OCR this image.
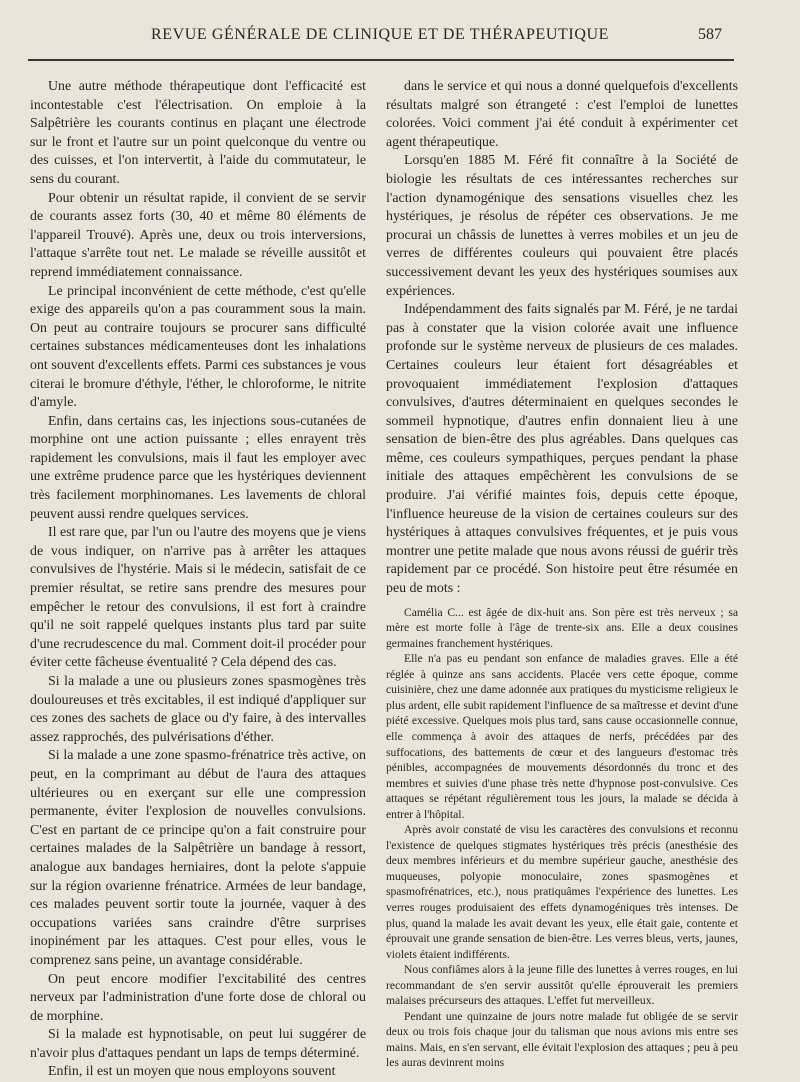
REVUE GÉNÉRALE DE CLINIQUE ET DE THÉRAPEUTIQUE	587

Une autre méthode thérapeutique dont l'efficacité est incontestable c'est l'électrisation. On emploie à la Salpêtrière les courants continus en plaçant une électrode sur le front et l'autre sur un point quelconque du ventre ou des cuisses, et l'on intervertit, à l'aide du commutateur, le sens du courant.

Pour obtenir un résultat rapide, il convient de se servir de courants assez forts (30, 40 et même 80 éléments de l'appareil Trouvé). Après une, deux ou trois interversions, l'attaque s'arrête tout net. Le malade se réveille aussitôt et reprend immédiatement connaissance.

Le principal inconvénient de cette méthode, c'est qu'elle exige des appareils qu'on a pas couramment sous la main. On peut au contraire toujours se procurer sans difficulté certaines substances médicamenteuses dont les inhalations ont souvent d'excellents effets. Parmi ces substances je vous citerai le bromure d'éthyle, l'éther, le chloroforme, le nitrite d'amyle.

Enfin, dans certains cas, les injections sous-cutanées de morphine ont une action puissante ; elles enrayent très rapidement les convulsions, mais il faut les employer avec une extrême prudence parce que les hystériques deviennent très facilement morphinomanes. Les lavements de chloral peuvent aussi rendre quelques services.

Il est rare que, par l'un ou l'autre des moyens que je viens de vous indiquer, on n'arrive pas à arrêter les attaques convulsives de l'hystérie. Mais si le médecin, satisfait de ce premier résultat, se retire sans prendre des mesures pour empêcher le retour des convulsions, il est fort à craindre qu'il ne soit rappelé quelques instants plus tard par suite d'une recrudescence du mal. Comment doit-il procéder pour éviter cette fâcheuse éventualité ? Cela dépend des cas.

Si la malade a une ou plusieurs zones spasmogènes très douloureuses et très excitables, il est indiqué d'appliquer sur ces zones des sachets de glace ou d'y faire, à des intervalles assez rapprochés, des pulvérisations d'éther.

Si la malade a une zone spasmo-frénatrice très active, on peut, en la comprimant au début de l'aura des attaques ultérieures ou en exerçant sur elle une compression permanente, éviter l'explosion de nouvelles convulsions. C'est en partant de ce principe qu'on a fait construire pour certaines malades de la Salpêtrière un bandage à ressort, analogue aux bandages herniaires, dont la pelote s'appuie sur la région ovarienne frénatrice. Armées de leur bandage, ces malades peuvent sortir toute la journée, vaquer à des occupations variées sans craindre d'être surprises inopinément par les attaques. C'est pour elles, vous le comprenez sans peine, un avantage considérable.

On peut encore modifier l'excitabilité des centres nerveux par l'administration d'une forte dose de chloral ou de morphine.

Si la malade est hypnotisable, on peut lui suggérer de n'avoir plus d'attaques pendant un laps de temps déterminé.

Enfin, il est un moyen que nous employons souvent

dans le service et qui nous a donné quelquefois d'excellents résultats malgré son étrangeté : c'est l'emploi de lunettes colorées. Voici comment j'ai été conduit à expérimenter cet agent thérapeutique.

Lorsqu'en 1885 M. Féré fit connaître à la Société de biologie les résultats de ces intéressantes recherches sur l'action dynamogénique des sensations visuelles chez les hystériques, je résolus de répéter ces observations. Je me procurai un châssis de lunettes à verres mobiles et un jeu de verres de différentes couleurs qui pouvaient être placés successivement devant les yeux des hystériques soumises aux expériences.

Indépendamment des faits signalés par M. Féré, je ne tardai pas à constater que la vision colorée avait une influence profonde sur le système nerveux de plusieurs de ces malades. Certaines couleurs leur étaient fort désagréables et provoquaient immédiatement l'explosion d'attaques convulsives, d'autres déterminaient en quelques secondes le sommeil hypnotique, d'autres enfin donnaient lieu à une sensation de bien-être des plus agréables. Dans quelques cas même, ces couleurs sympathiques, perçues pendant la phase initiale des attaques empêchèrent les convulsions de se produire. J'ai vérifié maintes fois, depuis cette époque, l'influence heureuse de la vision de certaines couleurs sur des hystériques à attaques convulsives fréquentes, et je puis vous montrer une petite malade que nous avons réussi de guérir très rapidement par ce procédé. Son histoire peut être résumée en peu de mots :

Camélia C... est âgée de dix-huit ans. Son père est très nerveux ; sa mère est morte folle à l'âge de trente-six ans. Elle a deux cousines germaines franchement hystériques.

Elle n'a pas eu pendant son enfance de maladies graves. Elle a été réglée à quinze ans sans accidents. Placée vers cette époque, comme cuisinière, chez une dame adonnée aux pratiques du mysticisme religieux le plus ardent, elle subit rapidement l'influence de sa maîtresse et devint d'une piété excessive. Quelques mois plus tard, sans cause occasionnelle connue, elle commença à avoir des attaques de nerfs, précédées par des suffocations, des battements de cœur et des langueurs d'estomac très pénibles, accompagnées de mouvements désordonnés du tronc et des membres et suivies d'une phase très nette d'hypnose post-convulsive. Ces attaques se répétant régulièrement tous les jours, la malade se décida à entrer à l'hôpital.

Après avoir constaté de visu les caractères des convulsions et reconnu l'existence de quelques stigmates hystériques très précis (anesthésie des deux membres inférieurs et du membre supérieur gauche, anesthésie des muqueuses, polyopie monoculaire, zones spasmogènes et spasmofrénatrices, etc.), nous pratiquâmes l'expérience des lunettes. Les verres rouges produisaient des effets dynamogéniques très intenses. De plus, quand la malade les avait devant les yeux, elle était gaie, contente et éprouvait une grande sensation de bien-être. Les verres bleus, verts, jaunes, violets étaient indifférents.

Nous confiâmes alors à la jeune fille des lunettes à verres rouges, en lui recommandant de s'en servir aussitôt qu'elle éprouverait les premiers malaises précurseurs des attaques. L'effet fut merveilleux.

Pendant une quinzaine de jours notre malade fut obligée de se servir deux ou trois fois chaque jour du talisman que nous avions mis entre ses mains. Mais, en s'en servant, elle évitait l'explosion des attaques ; peu à peu les auras devinrent moins
